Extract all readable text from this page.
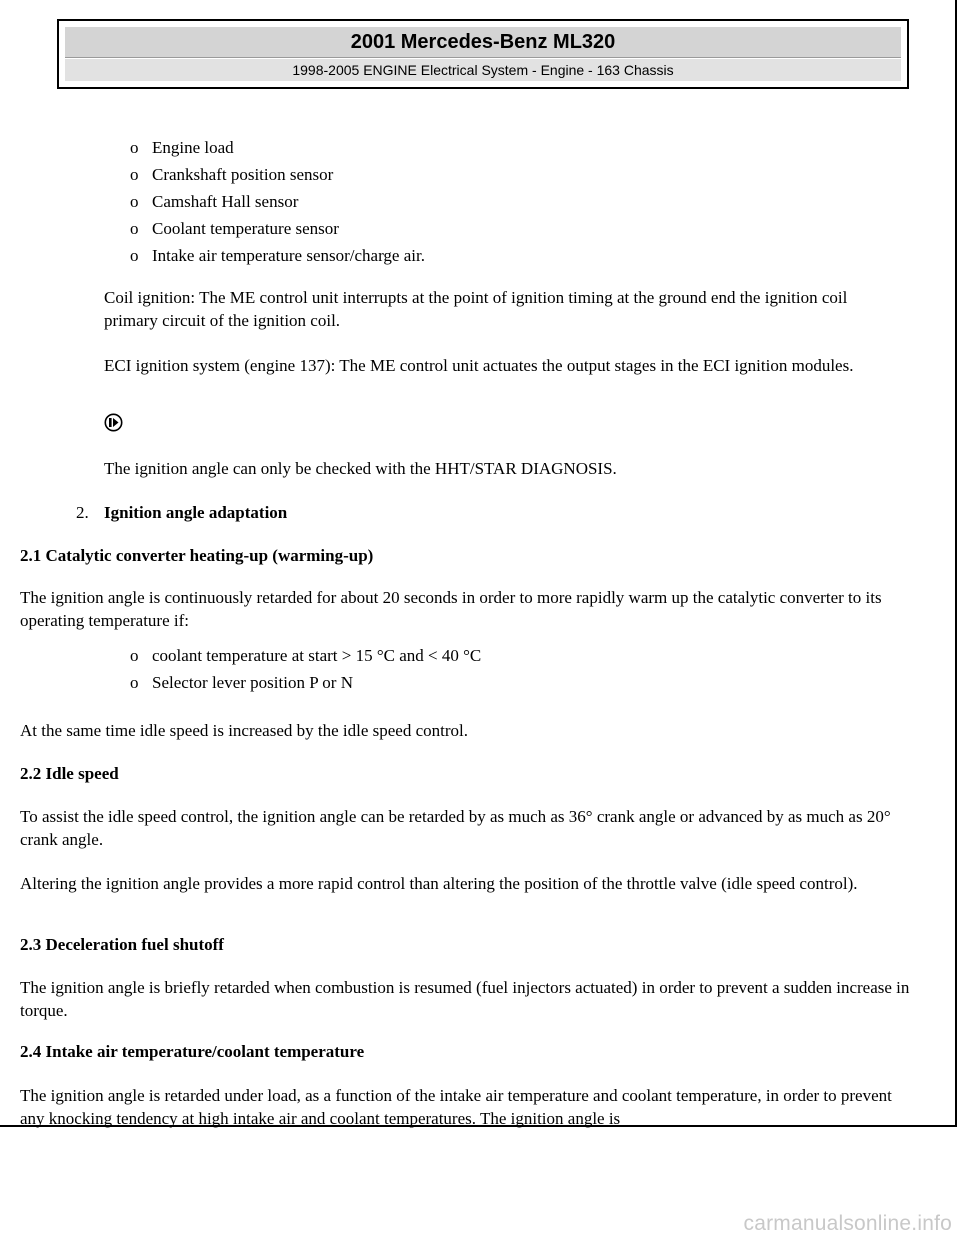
2001 Mercedes-Benz ML320
1998-2005 ENGINE Electrical System - Engine - 163 Chassis
o Engine load
o Crankshaft position sensor
o Camshaft Hall sensor
o Coolant temperature sensor
o Intake air temperature sensor/charge air.
Coil ignition: The ME control unit interrupts at the point of ignition timing at the ground end the ignition coil primary circuit of the ignition coil.
ECI ignition system (engine 137): The ME control unit actuates the output stages in the ECI ignition modules.
The ignition angle can only be checked with the HHT/STAR DIAGNOSIS.
2. Ignition angle adaptation
2.1 Catalytic converter heating-up (warming-up)
The ignition angle is continuously retarded for about 20 seconds in order to more rapidly warm up the catalytic converter to its operating temperature if:
o coolant temperature at start > 15 °C and < 40 °C
o Selector lever position P or N
At the same time idle speed is increased by the idle speed control.
2.2 Idle speed
To assist the idle speed control, the ignition angle can be retarded by as much as 36° crank angle or advanced by as much as 20° crank angle.
Altering the ignition angle provides a more rapid control than altering the position of the throttle valve (idle speed control).
2.3 Deceleration fuel shutoff
The ignition angle is briefly retarded when combustion is resumed (fuel injectors actuated) in order to prevent a sudden increase in torque.
2.4 Intake air temperature/coolant temperature
The ignition angle is retarded under load, as a function of the intake air temperature and coolant temperature, in order to prevent any knocking tendency at high intake air and coolant temperatures. The ignition angle is
carmanualsonline.info
